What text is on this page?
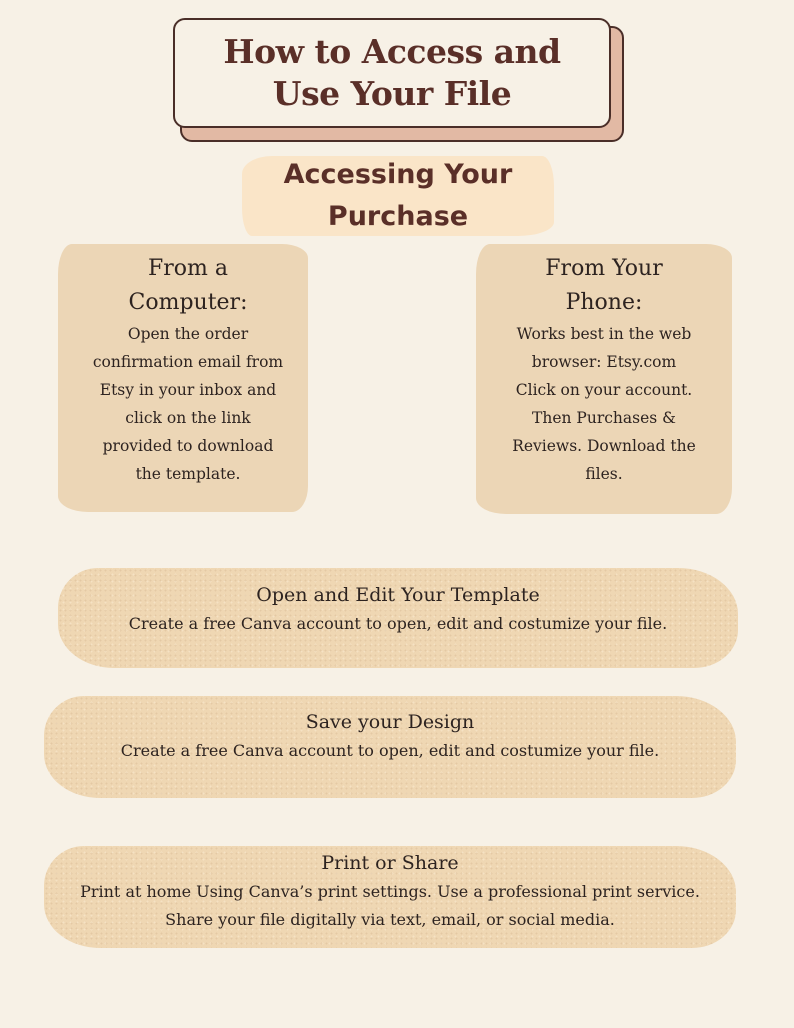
How to Access and
Use Your File
Accessing Your
Purchase

From a

Computer:

Open the order

confirmation email from

Etsy in your inbox and

click on the link

provided to download

the template.

From Your

Phone:

Works best in the web

browser: Etsy.com

Click on your account.

Then Purchases &

Reviews. Download the

files.

Open and Edit Your Template

Create a free Canva account to open, edit and costumize your file.

Save your Design

Create a free Canva account to open, edit and costumize your file.

Print or Share

Print at home Using Canva’s print settings. Use a professional print service.

Share your file digitally via text, email, or social media.
